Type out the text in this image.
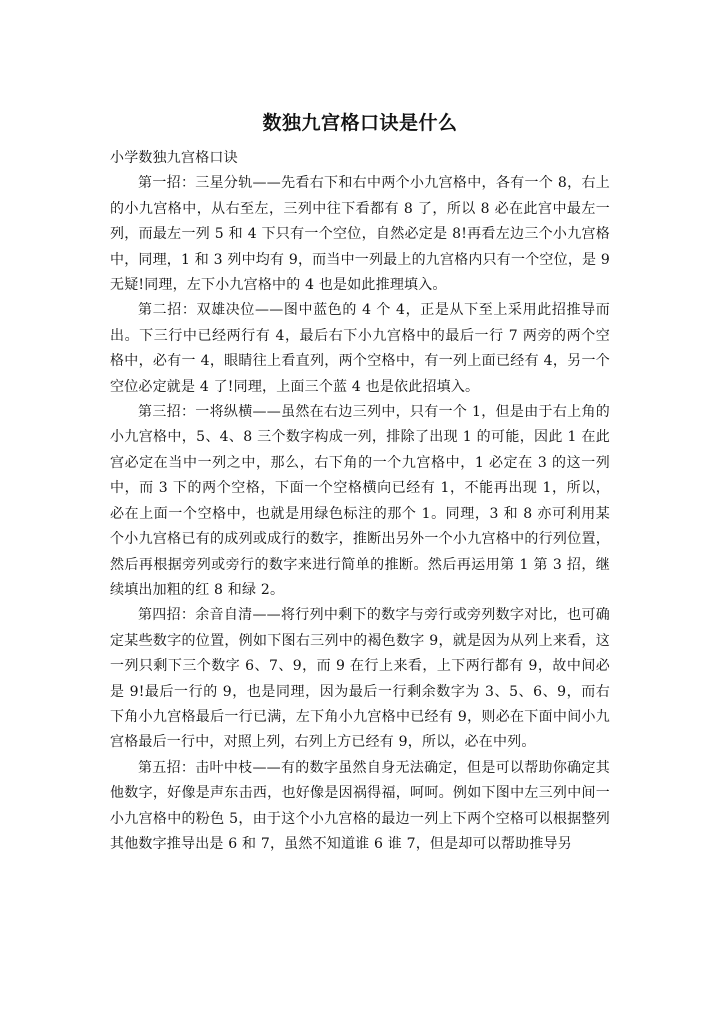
数独九宫格口诀是什么

小学数独九宫格口诀

第一招：三星分轨——先看右下和右中两个小九宫格中，各有一个 8，右上的小九宫格中，从右至左，三列中往下看都有 8 了，所以 8 必在此宫中最左一列，而最左一列 5 和 4 下只有一个空位，自然必定是 8!再看左边三个小九宫格中，同理，1 和 3 列中均有 9，而当中一列最上的九宫格内只有一个空位，是 9 无疑!同理，左下小九宫格中的 4 也是如此推理填入。

第二招：双雄决位——图中蓝色的 4 个 4，正是从下至上采用此招推导而出。下三行中已经两行有 4，最后右下小九宫格中的最后一行 7 两旁的两个空格中，必有一 4，眼睛往上看直列，两个空格中，有一列上面已经有 4，另一个空位必定就是 4 了!同理，上面三个蓝 4 也是依此招填入。

第三招：一将纵横——虽然在右边三列中，只有一个 1，但是由于右上角的小九宫格中，5、4、8 三个数字构成一列，排除了出现 1 的可能，因此 1 在此宫必定在当中一列之中，那么，右下角的一个九宫格中，1 必定在 3 的这一列中，而 3 下的两个空格，下面一个空格横向已经有 1，不能再出现 1，所以，必在上面一个空格中，也就是用绿色标注的那个 1。同理，3 和 8 亦可利用某个小九宫格已有的成列或成行的数字，推断出另外一个小九宫格中的行列位置，然后再根据旁列或旁行的数字来进行简单的推断。然后再运用第 1 第 3 招，继续填出加粗的红 8 和绿 2。

第四招：余音自清——将行列中剩下的数字与旁行或旁列数字对比，也可确定某些数字的位置，例如下图右三列中的褐色数字 9，就是因为从列上来看，这一列只剩下三个数字 6、7、9，而 9 在行上来看，上下两行都有 9，故中间必是 9!最后一行的 9，也是同理，因为最后一行剩余数字为 3、5、6、9，而右下角小九宫格最后一行已满，左下角小九宫格中已经有 9，则必在下面中间小九宫格最后一行中，对照上列，右列上方已经有 9，所以，必在中列。

第五招：击叶中枝——有的数字虽然自身无法确定，但是可以帮助你确定其他数字，好像是声东击西，也好像是因祸得福，呵呵。例如下图中左三列中间一小九宫格中的粉色 5，由于这个小九宫格的最边一列上下两个空格可以根据整列其他数字推导出是 6 和 7，虽然不知道谁 6 谁 7，但是却可以帮助推导另
